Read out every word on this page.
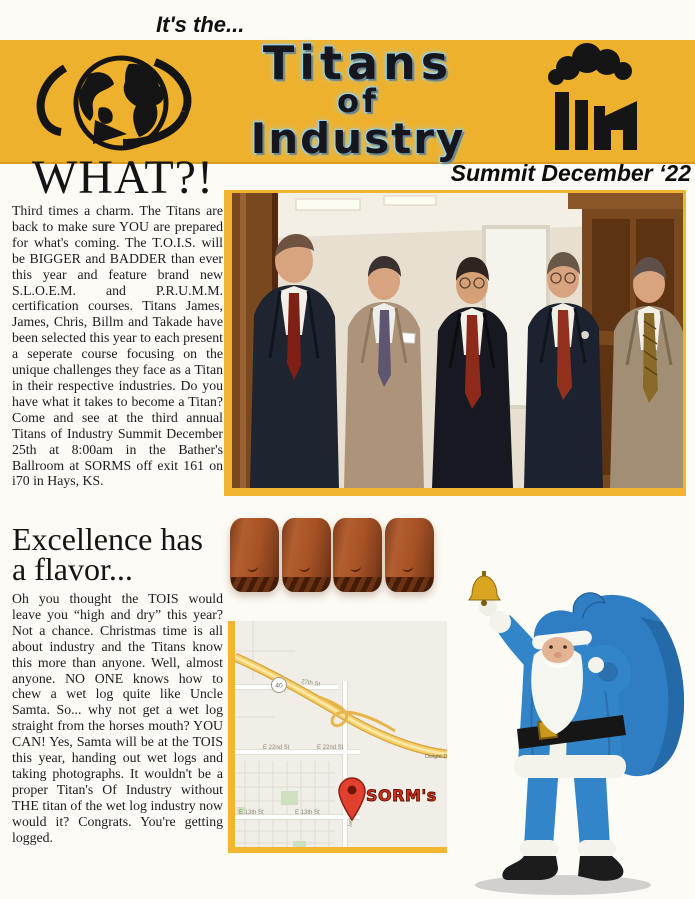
It's the...
Titans
of
Industry
WHAT?!	Summit December ‘22
Third times a charm. The Titans are back to make sure YOU are prepared for what's coming. The T.O.I.S. will be BIGGER and BADDER than ever this year and feature brand new S.L.O.E.M. and P.R.U.M.M. certification courses. Titans James, James, Chris, Billm and Takade have been selected this year to each present a seperate course focusing on the unique challenges they face as a Titan in their respective industries. Do you have what it takes to become a Titan? Come and see at the third annual Titans of Industry Summit December 25th at 8:00am in the Bather's Ballroom at SORMS off exit 161 on i70 in Hays, KS.
Excellence has
a flavor...
Oh you thought the TOIS would leave you “high and dry” this year? Not a chance. Christmas time is all about industry and the Titans know this more than anyone. Well, almost anyone. NO ONE knows how to chew a wet log quite like Uncle Samta. So... why not get a wet log straight from the horses mouth? YOU CAN! Yes, Samta will be at the TOIS this year, handing out wet logs and taking photographs. It wouldn't be a proper Titan's Of Industry without THE titan of the wet log industry now would it? Congrats. You're getting logged.
40	27th St
E 22nd St	E 22nd St
E 13th St	E 13th St
Dwight D
SORM's
